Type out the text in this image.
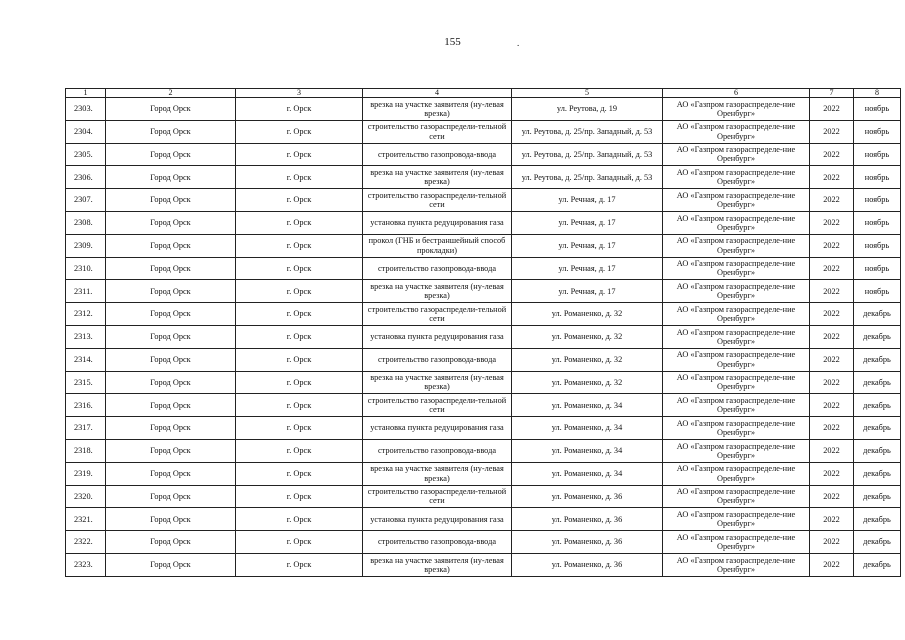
155	.
1	2	3	4	5	6	7	8
2303.	Город Орск	г. Орск	врезка на участке заявителя (ну-левая врезка)	ул. Реутова, д. 19	АО «Газпром газораспределе-ние Оренбург»	2022	ноябрь
2304.	Город Орск	г. Орск	строительство газораспредели-тельной сети	ул. Реутова, д. 25/пр. Западный, д. 53	АО «Газпром газораспределе-ние Оренбург»	2022	ноябрь
2305.	Город Орск	г. Орск	строительство газопровода-ввода	ул. Реутова, д. 25/пр. Западный, д. 53	АО «Газпром газораспределе-ние Оренбург»	2022	ноябрь
2306.	Город Орск	г. Орск	врезка на участке заявителя (ну-левая врезка)	ул. Реутова, д. 25/пр. Западный, д. 53	АО «Газпром газораспределе-ние Оренбург»	2022	ноябрь
2307.	Город Орск	г. Орск	строительство газораспредели-тельной сети	ул. Речная, д. 17	АО «Газпром газораспределе-ние Оренбург»	2022	ноябрь
2308.	Город Орск	г. Орск	установка пункта редуцирования газа	ул. Речная, д. 17	АО «Газпром газораспределе-ние Оренбург»	2022	ноябрь
2309.	Город Орск	г. Орск	прокол (ГНБ и бестраншейный способ прокладки)	ул. Речная, д. 17	АО «Газпром газораспределе-ние Оренбург»	2022	ноябрь
2310.	Город Орск	г. Орск	строительство газопровода-ввода	ул. Речная, д. 17	АО «Газпром газораспределе-ние Оренбург»	2022	ноябрь
2311.	Город Орск	г. Орск	врезка на участке заявителя (ну-левая врезка)	ул. Речная, д. 17	АО «Газпром газораспределе-ние Оренбург»	2022	ноябрь
2312.	Город Орск	г. Орск	строительство газораспредели-тельной сети	ул. Романенко, д. 32	АО «Газпром газораспределе-ние Оренбург»	2022	декабрь
2313.	Город Орск	г. Орск	установка пункта редуцирования газа	ул. Романенко, д. 32	АО «Газпром газораспределе-ние Оренбург»	2022	декабрь
2314.	Город Орск	г. Орск	строительство газопровода-ввода	ул. Романенко, д. 32	АО «Газпром газораспределе-ние Оренбург»	2022	декабрь
2315.	Город Орск	г. Орск	врезка на участке заявителя (ну-левая врезка)	ул. Романенко, д. 32	АО «Газпром газораспределе-ние Оренбург»	2022	декабрь
2316.	Город Орск	г. Орск	строительство газораспредели-тельной сети	ул. Романенко, д. 34	АО «Газпром газораспределе-ние Оренбург»	2022	декабрь
2317.	Город Орск	г. Орск	установка пункта редуцирования газа	ул. Романенко, д. 34	АО «Газпром газораспределе-ние Оренбург»	2022	декабрь
2318.	Город Орск	г. Орск	строительство газопровода-ввода	ул. Романенко, д. 34	АО «Газпром газораспределе-ние Оренбург»	2022	декабрь
2319.	Город Орск	г. Орск	врезка на участке заявителя (ну-левая врезка)	ул. Романенко, д. 34	АО «Газпром газораспределе-ние Оренбург»	2022	декабрь
2320.	Город Орск	г. Орск	строительство газораспредели-тельной сети	ул. Романенко, д. 36	АО «Газпром газораспределе-ние Оренбург»	2022	декабрь
2321.	Город Орск	г. Орск	установка пункта редуцирования газа	ул. Романенко, д. 36	АО «Газпром газораспределе-ние Оренбург»	2022	декабрь
2322.	Город Орск	г. Орск	строительство газопровода-ввода	ул. Романенко, д. 36	АО «Газпром газораспределе-ние Оренбург»	2022	декабрь
2323.	Город Орск	г. Орск	врезка на участке заявителя (ну-левая врезка)	ул. Романенко, д. 36	АО «Газпром газораспределе-ние Оренбург»	2022	декабрь
